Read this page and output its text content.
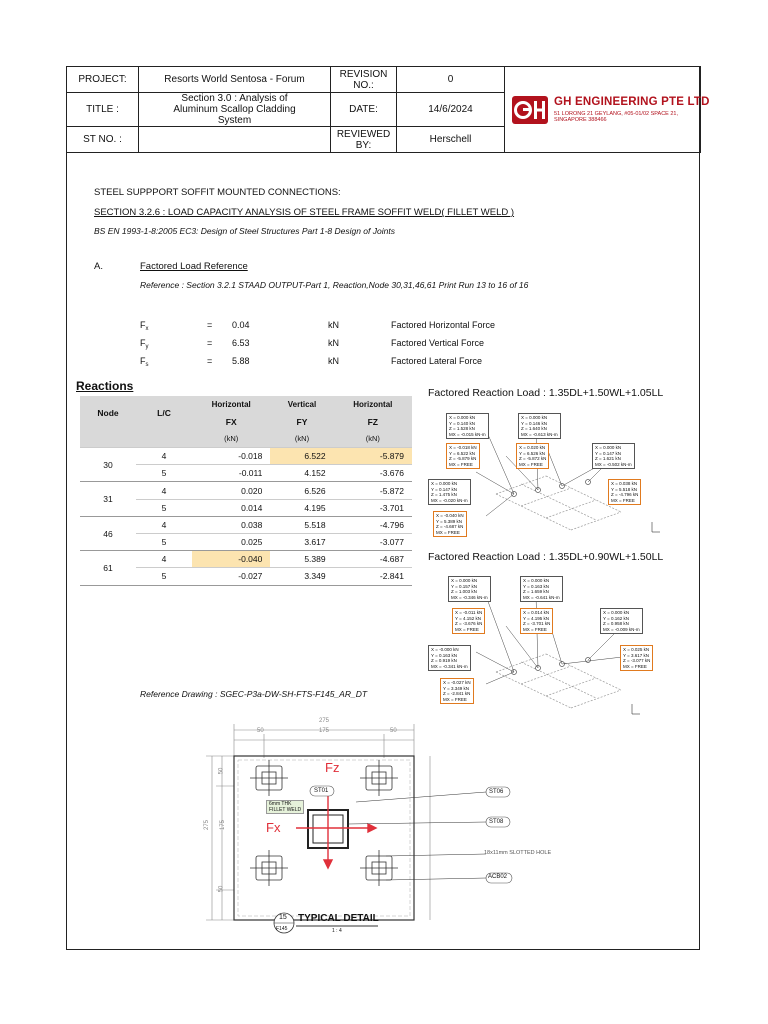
PROJECT:	Resorts World Sentosa - Forum	REVISION NO.:	0	
TITLE :	Section 3.0 : Analysis of Aluminum Scallop Cladding System	DATE:	14/6/2024	
ST NO. :		REVIEWED BY:	Herschell	
GH ENGINEERING PTE LTD
51 LORONG 21 GEYLANG, #05-01/02 SPACE 21, SINGAPORE 388466
STEEL SUPPPORT SOFFIT MOUNTED CONNECTIONS:
SECTION 3.2.6 : LOAD CAPACITY ANALYSIS OF STEEL FRAME SOFFIT WELD( FILLET WELD )
BS EN 1993-1-8:2005 EC3: Design of Steel Structures Part 1-8 Design of Joints
A.	Factored Load Reference
Reference : Section 3.2.1 STAAD OUTPUT-Part 1, Reaction,Node 30,31,46,61 Print Run 13 to 16 of 16
$F_x$	= 0.04	kN	Factored Horizontal Force
$F_y$	= 6.53	kN	Factored Vertical Force
$F_s$	= 5.88	kN	Factored Lateral Force
Reactions
Node	L/C	Horizontal	Vertical	Horizontal
		FX	FY	FZ
		(kN)	(kN)	(kN)
30	4	-0.018	6.522	-5.879
	5	-0.011	4.152	-3.676
31	4	0.020	6.526	-5.872
	5	0.014	4.195	-3.701
46	4	0.038	5.518	-4.796
	5	0.025	3.617	-3.077
61	4	-0.040	5.389	-4.687
	5	-0.027	3.349	-2.841
Factored Reaction Load : 1.35DL+1.50WL+1.05LL
X = 0.000 kN
Y = 0.140 kN
Z = 1.528 kN
MX = -0.015 kN-m
X = 0.000 kN
Y = 0.146 kN
Z = 1.640 kN
MX = -0.613 kN-m
X = -0.018 kN
Y = 6.522 kN
Z = -5.879 kN
MX = FREE
X = 0.020 kN
Y = 6.526 kN
Z = -5.872 kN
MX = FREE
X = 0.000 kN
Y = 0.147 kN
Z = 1.621 kN
MX = -0.502 kN-m
X = 0.000 kN
Y = 0.147 kN
Z = 1.475 kN
MX = -0.020 kN-m
X = 0.038 kN
Y = 5.518 kN
Z = -4.796 kN
MX = FREE
X = -0.040 kN
Y = 5.389 kN
Z = -4.687 kN
MX = FREE
Factored Reaction Load : 1.35DL+0.90WL+1.50LL
X = 0.000 kN
Y = 0.157 kN
Z = 1.003 kN
MX = -0.346 kN-m
X = 0.000 kN
Y = 0.163 kN
Z = 1.659 kN
MX = -0.641 kN-m
X = -0.011 kN
Y = 4.152 kN
Z = -3.676 kN
MX = FREE
X = 0.014 kN
Y = 4.195 kN
Z = -3.701 kN
MX = FREE
X = 0.000 kN
Y = 0.162 kN
Z = 0.958 kN
MX = -0.009 kN-m
X = -0.000 kN
Y = 0.163 kN
Z = 0.919 kN
MX = -0.341 kN-m
X = 0.025 kN
Y = 3.617 kN
Z = -3.077 kN
MX = FREE
X = -0.027 kN
Y = 3.349 kN
Z = -2.841 kN
MX = FREE
Reference Drawing : SGEC-P3a-DW-SH-FTS-F145_AR_DT
275
50	175	50
275 175
50
50
Fz
Fx
ST01
6mm THK
FILLET WELD
ST06
ST08
18x11mm SLOTTED HOLE
ACB02
15
F145
TYPICAL DETAIL
1 : 4
